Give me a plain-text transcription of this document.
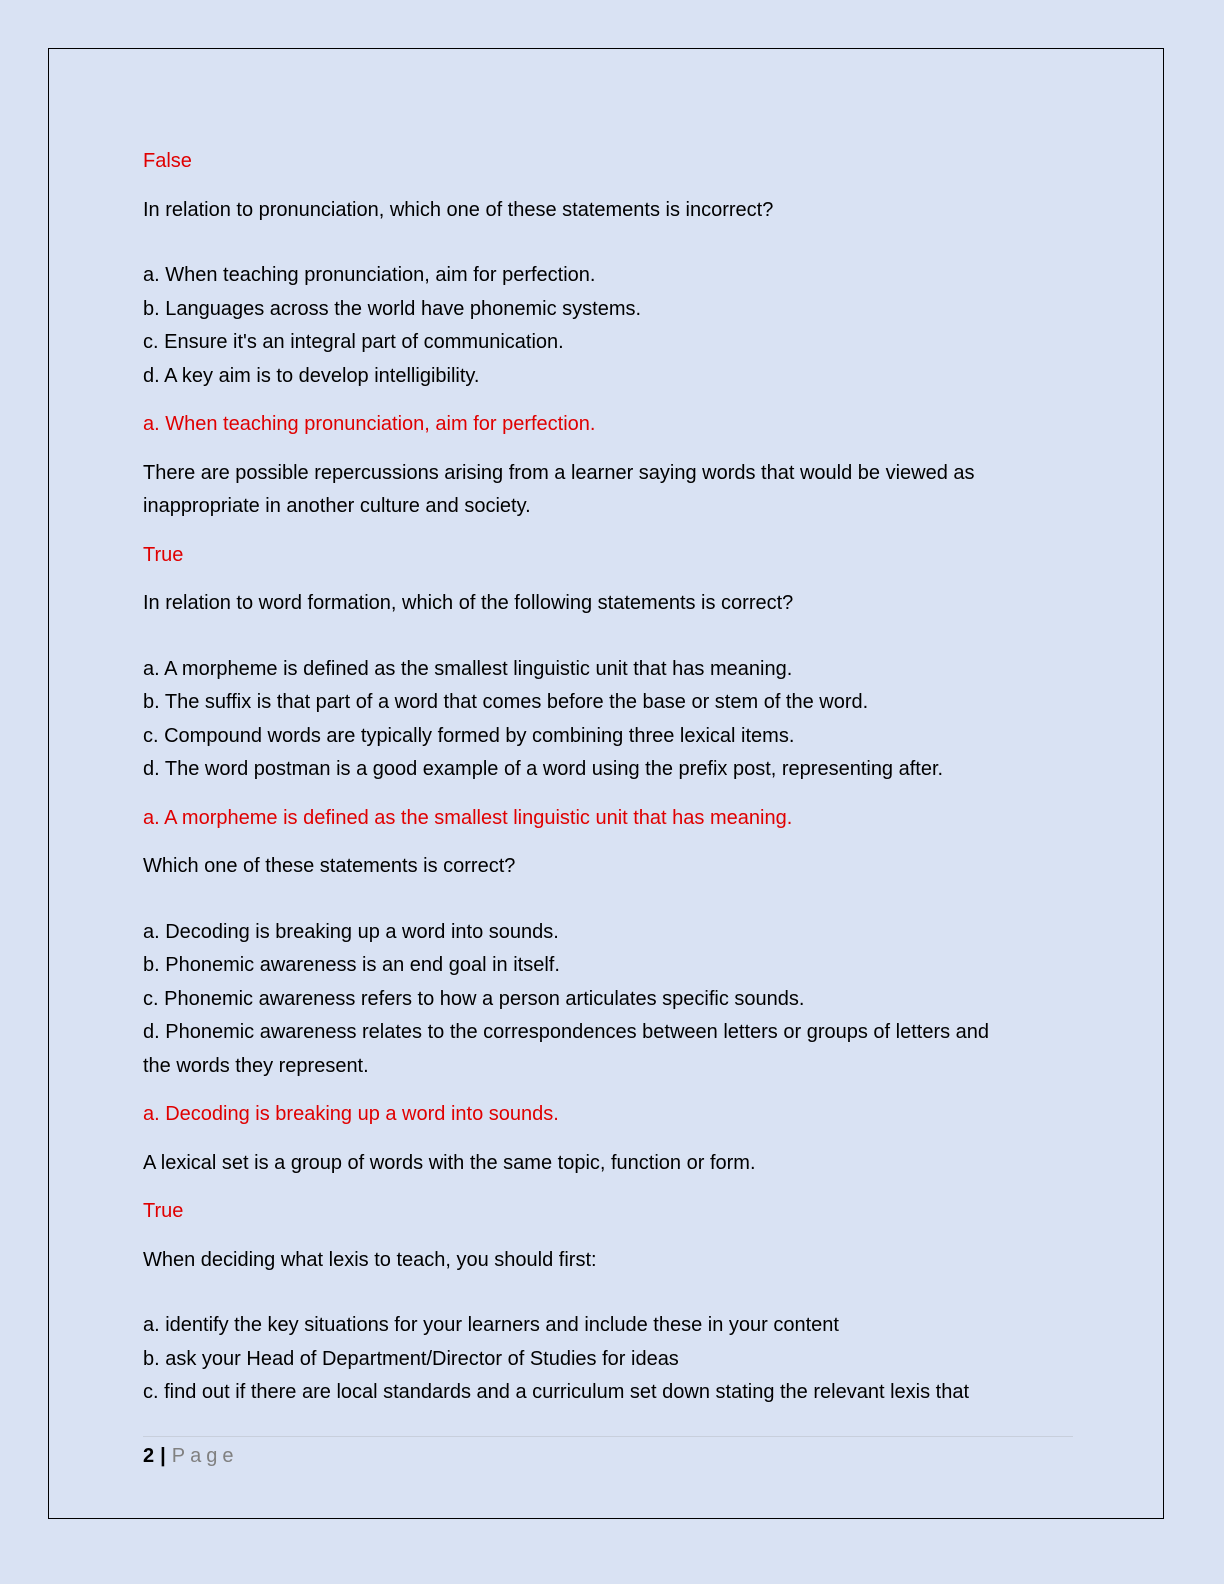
False

In relation to pronunciation, which one of these statements is incorrect?

a. When teaching pronunciation, aim for perfection.

b. Languages across the world have phonemic systems.

c. Ensure it's an integral part of communication.

d. A key aim is to develop intelligibility.

a. When teaching pronunciation, aim for perfection.

There are possible repercussions arising from a learner saying words that would be viewed as

inappropriate in another culture and society.

True

In relation to word formation, which of the following statements is correct?

a. A morpheme is defined as the smallest linguistic unit that has meaning.

b. The suffix is that part of a word that comes before the base or stem of the word.

c. Compound words are typically formed by combining three lexical items.

d. The word postman is a good example of a word using the prefix post, representing after.

a. A morpheme is defined as the smallest linguistic unit that has meaning.

Which one of these statements is correct?

a. Decoding is breaking up a word into sounds.

b. Phonemic awareness is an end goal in itself.

c. Phonemic awareness refers to how a person articulates specific sounds.

d. Phonemic awareness relates to the correspondences between letters or groups of letters and

the words they represent.

a. Decoding is breaking up a word into sounds.

A lexical set is a group of words with the same topic, function or form.

True

When deciding what lexis to teach, you should first:

a. identify the key situations for your learners and include these in your content

b. ask your Head of Department/Director of Studies for ideas

c. find out if there are local standards and a curriculum set down stating the relevant lexis that

2 | Page
